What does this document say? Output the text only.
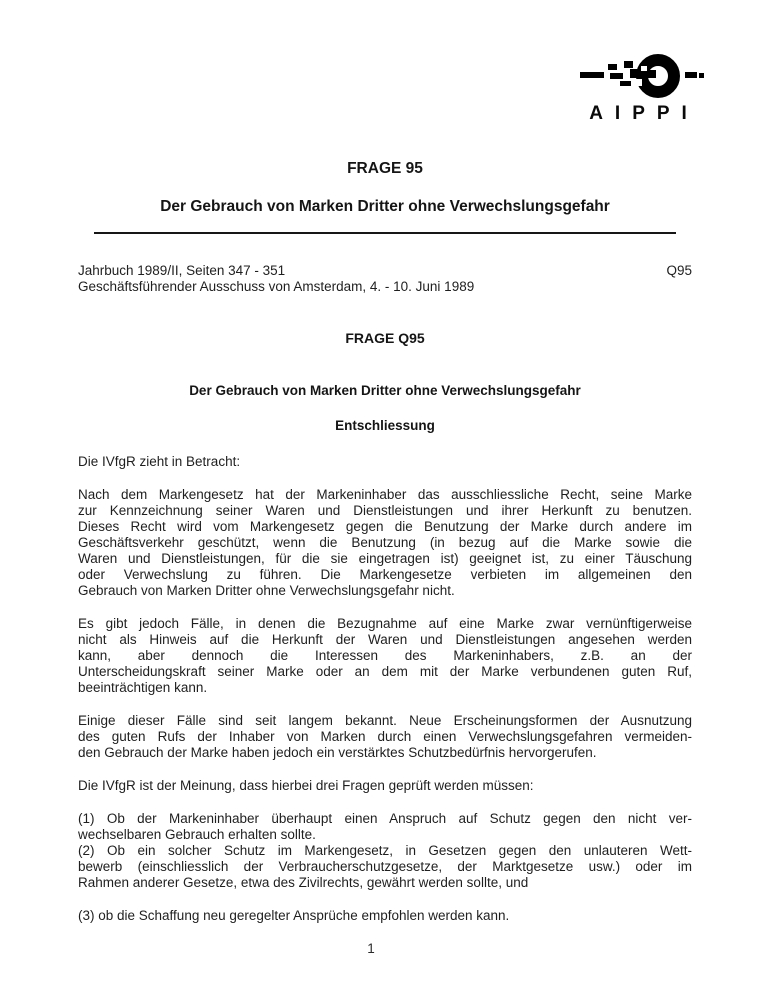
AIPPI
FRAGE 95
Der Gebrauch von Marken Dritter ohne Verwechslungsgefahr
Jahrbuch 1989/II, Seiten 347 - 351	Q95
Geschäftsführender Ausschuss von Amsterdam, 4. - 10. Juni 1989
FRAGE Q95
Der Gebrauch von Marken Dritter ohne Verwechslungsgefahr
Entschliessung
Die IVfgR zieht in Betracht:
Nach dem Markengesetz hat der Markeninhaber das ausschliessliche Recht, seine Marke
zur Kennzeichnung seiner Waren und Dienstleistungen und ihrer Herkunft zu benutzen.
Dieses Recht wird vom Markengesetz gegen die Benutzung der Marke durch andere im
Geschäftsverkehr geschützt, wenn die Benutzung (in bezug auf die Marke sowie die
Waren und Dienstleistungen, für die sie eingetragen ist) geeignet ist, zu einer Täuschung
oder Verwechslung zu führen. Die Markengesetze verbieten im allgemeinen den
Gebrauch von Marken Dritter ohne Verwechslungsgefahr nicht.
Es gibt jedoch Fälle, in denen die Bezugnahme auf eine Marke zwar vernünftigerweise
nicht als Hinweis auf die Herkunft der Waren und Dienstleistungen angesehen werden
kann, aber dennoch die Interessen des Markeninhabers, z.B. an der
Unterscheidungskraft seiner Marke oder an dem mit der Marke verbundenen guten Ruf,
beeinträchtigen kann.
Einige dieser Fälle sind seit langem bekannt. Neue Erscheinungsformen der Ausnutzung
des guten Rufs der Inhaber von Marken durch einen Verwechslungsgefahren vermeiden-
den Gebrauch der Marke haben jedoch ein verstärktes Schutzbedürfnis hervorgerufen.
Die IVfgR ist der Meinung, dass hierbei drei Fragen geprüft werden müssen:
(1) Ob der Markeninhaber überhaupt einen Anspruch auf Schutz gegen den nicht ver-
wechselbaren Gebrauch erhalten sollte.
(2) Ob ein solcher Schutz im Markengesetz, in Gesetzen gegen den unlauteren Wett-
bewerb (einschliesslich der Verbraucherschutzgesetze, der Marktgesetze usw.) oder im
Rahmen anderer Gesetze, etwa des Zivilrechts, gewährt werden sollte, und
(3) ob die Schaffung neu geregelter Ansprüche empfohlen werden kann.
1
